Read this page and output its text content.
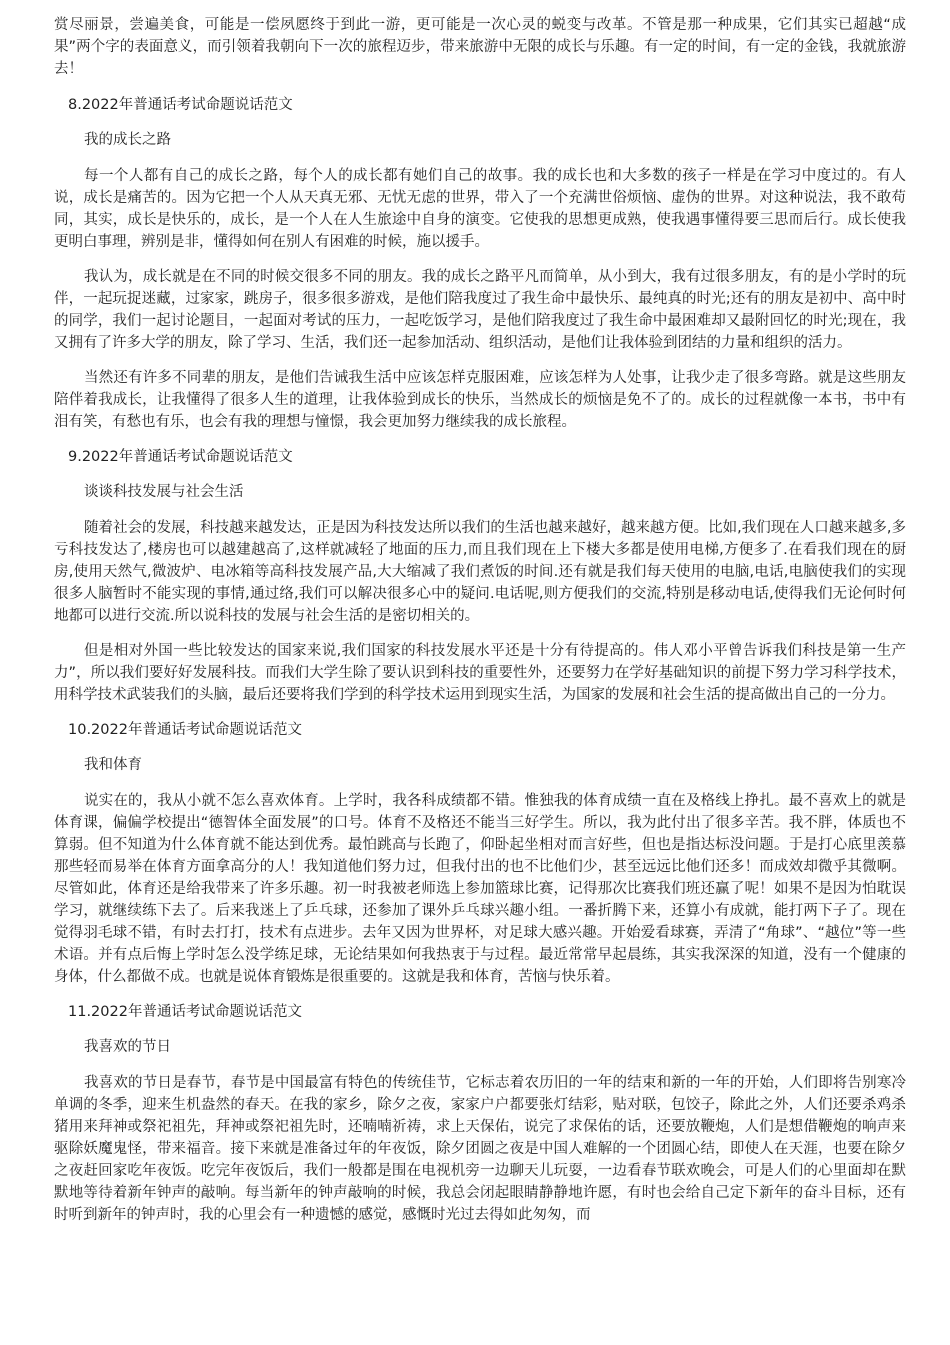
赏尽丽景，尝遍美食，可能是一偿夙愿终于到此一游，更可能是一次心灵的蜕变与改革。不管是那一种成果，它们其实已超越“成果”两个字的表面意义，而引领着我朝向下一次的旅程迈步，带来旅游中无限的成长与乐趣。有一定的时间，有一定的金钱，我就旅游去！

8.2022年普通话考试命题说话范文

我的成长之路

每一个人都有自己的成长之路，每个人的成长都有她们自己的故事。我的成长也和大多数的孩子一样是在学习中度过的。有人说，成长是痛苦的。因为它把一个人从天真无邪、无忧无虑的世界，带入了一个充满世俗烦恼、虚伪的世界。对这种说法，我不敢苟同，其实，成长是快乐的，成长，是一个人在人生旅途中自身的演变。它使我的思想更成熟，使我遇事懂得要三思而后行。成长使我更明白事理，辨别是非，懂得如何在别人有困难的时候，施以援手。

我认为，成长就是在不同的时候交很多不同的朋友。我的成长之路平凡而简单，从小到大，我有过很多朋友，有的是小学时的玩伴，一起玩捉迷藏，过家家，跳房子，很多很多游戏，是他们陪我度过了我生命中最快乐、最纯真的时光;还有的朋友是初中、高中时的同学，我们一起讨论题目，一起面对考试的压力，一起吃饭学习，是他们陪我度过了我生命中最困难却又最附回忆的时光;现在，我又拥有了许多大学的朋友，除了学习、生活，我们还一起参加活动、组织活动，是他们让我体验到团结的力量和组织的活力。

当然还有许多不同辈的朋友，是他们告诫我生活中应该怎样克服困难，应该怎样为人处事，让我少走了很多弯路。就是这些朋友陪伴着我成长，让我懂得了很多人生的道理，让我体验到成长的快乐，当然成长的烦恼是免不了的。成长的过程就像一本书，书中有泪有笑，有愁也有乐，也会有我的理想与憧憬，我会更加努力继续我的成长旅程。

9.2022年普通话考试命题说话范文

谈谈科技发展与社会生活

随着社会的发展，科技越来越发达，正是因为科技发达所以我们的生活也越来越好，越来越方便。比如,我们现在人口越来越多,多亏科技发达了,楼房也可以越建越高了,这样就减轻了地面的压力,而且我们现在上下楼大多都是使用电梯,方便多了.在看我们现在的厨房,使用天然气,微波炉、电冰箱等高科技发展产品,大大缩减了我们煮饭的时间.还有就是我们每天使用的电脑,电话,电脑使我们的实现很多人脑暂时不能实现的事情,通过络,我们可以解决很多心中的疑问.电话呢,则方便我们的交流,特别是移动电话,使得我们无论何时何地都可以进行交流.所以说科技的发展与社会生活的是密切相关的。

但是相对外国一些比较发达的国家来说,我们国家的科技发展水平还是十分有待提高的。伟人邓小平曾告诉我们科技是第一生产力”，所以我们要好好发展科技。而我们大学生除了要认识到科技的重要性外，还要努力在学好基础知识的前提下努力学习科学技术，用科学技术武装我们的头脑，最后还要将我们学到的科学技术运用到现实生活，为国家的发展和社会生活的提高做出自己的一分力。

10.2022年普通话考试命题说话范文

我和体育

说实在的，我从小就不怎么喜欢体育。上学时，我各科成绩都不错。惟独我的体育成绩一直在及格线上挣扎。最不喜欢上的就是体育课，偏偏学校提出“德智体全面发展”的口号。体育不及格还不能当三好学生。所以，我为此付出了很多辛苦。我不胖，体质也不算弱。但不知道为什么体育就不能达到优秀。最怕跳高与长跑了，仰卧起坐相对而言好些，但也是指达标没问题。于是打心底里羡慕那些轻而易举在体育方面拿高分的人！我知道他们努力过，但我付出的也不比他们少，甚至远远比他们还多！而成效却微乎其微啊。尽管如此，体育还是给我带来了许多乐趣。初一时我被老师选上参加篮球比赛，记得那次比赛我们班还赢了呢！如果不是因为怕耽误学习，就继续练下去了。后来我迷上了乒乓球，还参加了课外乒乓球兴趣小组。一番折腾下来，还算小有成就，能打两下子了。现在觉得羽毛球不错，有时去打打，技术有点进步。去年又因为世界杯，对足球大感兴趣。开始爱看球赛，弄清了“角球”、“越位”等一些术语。并有点后悔上学时怎么没学练足球，无论结果如何我热衷于与过程。最近常常早起晨练，其实我深深的知道，没有一个健康的身体，什么都做不成。也就是说体育锻炼是很重要的。这就是我和体育，苦恼与快乐着。

11.2022年普通话考试命题说话范文

我喜欢的节日

我喜欢的节日是春节，春节是中国最富有特色的传统佳节，它标志着农历旧的一年的结束和新的一年的开始，人们即将告别寒冷单调的冬季，迎来生机盎然的春天。在我的家乡，除夕之夜，家家户户都要张灯结彩，贴对联，包饺子，除此之外，人们还要杀鸡杀猪用来拜神或祭祀祖先，拜神或祭祀祖先时，还喃喃祈祷，求上天保佑，说完了求保佑的话，还要放鞭炮，人们是想借鞭炮的响声来驱除妖魔鬼怪，带来福音。接下来就是准备过年的年夜饭，除夕团圆之夜是中国人难解的一个团圆心结，即使人在天涯，也要在除夕之夜赶回家吃年夜饭。吃完年夜饭后，我们一般都是围在电视机旁一边聊天儿玩耍，一边看春节联欢晚会，可是人们的心里面却在默默地等待着新年钟声的敲响。每当新年的钟声敲响的时候，我总会闭起眼睛静静地许愿，有时也会给自己定下新年的奋斗目标，还有时听到新年的钟声时，我的心里会有一种遗憾的感觉，感慨时光过去得如此匆匆，而
